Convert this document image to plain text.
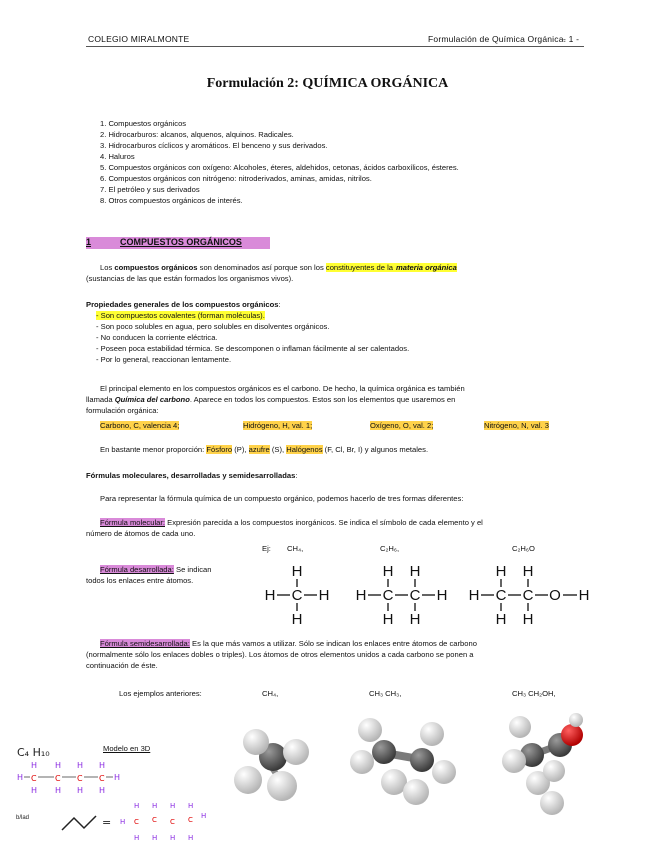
COLEGIO MIRALMONTE	Formulación de Química Orgánica.
- 1 -
Formulación 2: QUÍMICA ORGÁNICA
1. Compuestos orgánicos
2. Hidrocarburos: alcanos, alquenos, alquinos. Radicales.
3. Hidrocarburos cíclicos y aromáticos. El benceno y sus derivados.
4. Haluros
5. Compuestos orgánicos con oxígeno: Alcoholes, éteres, aldehidos, cetonas, ácidos carboxílicos, ésteres.
6. Compuestos orgánicos con nitrógeno: nitroderivados, aminas, amidas, nitrilos.
7. El petróleo y sus derivados
8. Otros compuestos orgánicos de interés.
1	COMPUESTOS ORGÁNICOS
Los compuestos orgánicos son denominados así porque son los constituyentes de la materia orgánica
(sustancias de las que están formados los organismos vivos).
Propiedades generales de los compuestos orgánicos:
- Son compuestos covalentes (forman moléculas).
- Son poco solubles en agua, pero solubles en disolventes orgánicos.
- No conducen la corriente eléctrica.
- Poseen poca estabilidad térmica. Se descomponen o inflaman fácilmente al ser calentados.
- Por lo general, reaccionan lentamente.
El principal elemento en los compuestos orgánicos es el carbono. De hecho, la química orgánica es también
llamada Química del carbono. Aparece en todos los compuestos. Estos son los elementos que usaremos en
formulación orgánica:
Carbono, C, valencia 4;	Hidrógeno, H, val. 1;	Oxígeno, O, val. 2;	Nitrógeno, N, val. 3
En bastante menor proporción: Fósforo (P), azufre (S), Halógenos (F, Cl, Br, I) y algunos metales.
Fórmulas moleculares, desarrolladas y semidesarrolladas:
Para representar la fórmula química de un compuesto orgánico, podemos hacerlo de tres formas diferentes:
Fórmula molecular: Expresión parecida a los compuestos inorgánicos. Se indica el símbolo de cada elemento y el
número de átomos de cada uno.
Ej: CH₄,	C₂H₆,	C₂H₆O
Fórmula desarrollada: Se indican
todos los enlaces entre átomos.
H
C
H
H	H
H H
H C C H
H H
H H
H C C O H
H H
Fórmula semidesarrollada: Es la que más vamos a utilizar. Sólo se indican los enlaces entre átomos de carbono
(normalmente sólo los enlaces dobles o triples). Los átomos de otros elementos unidos a cada carbono se ponen a
continuación de éste.
Los ejemplos anteriores:	CH₄,	CH₃ CH₃,	CH₃ CH₂OH,
Modelo en 3D
C₄ H₁₀
H H H H
H H H H
H	H
C C C C
b/lad	= H
H H H H
H H H H
H
C C C C
